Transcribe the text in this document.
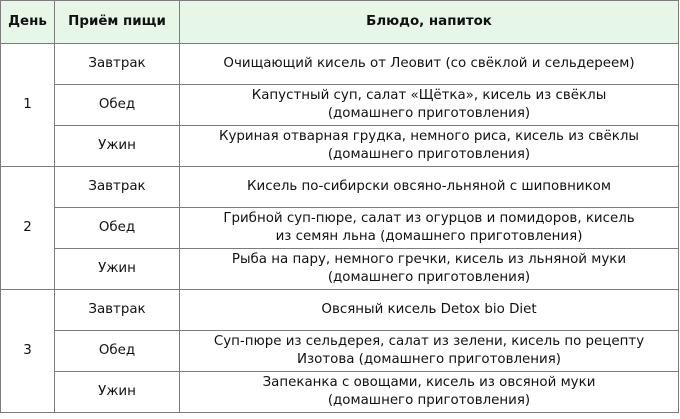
День	Приём пищи	Блюдо, напиток
1	Завтрак	Очищающий кисель от Леовит (со свёклой и сельдереем)

	Обед	Капустный суп, салат «Щётка», кисель из свёклы
(домашнего приготовления)

	Ужин	Куриная отварная грудка, немного риса, кисель из свёклы
(домашнего приготовления)

2	Завтрак	Кисель по-сибирски овсяно-льняной с шиповником

	Обед	Грибной суп-пюре, салат из огурцов и помидоров, кисель
из семян льна (домашнего приготовления)

	Ужин	Рыба на пару, немного гречки, кисель из льняной муки
(домашнего приготовления)

3	Завтрак	Овсяный кисель Detox bio Diet

	Обед	Суп-пюре из сельдерея, салат из зелени, кисель по рецепту
Изотова (домашнего приготовления)

	Ужин	Запеканка с овощами, кисель из овсяной муки
(домашнего приготовления)
